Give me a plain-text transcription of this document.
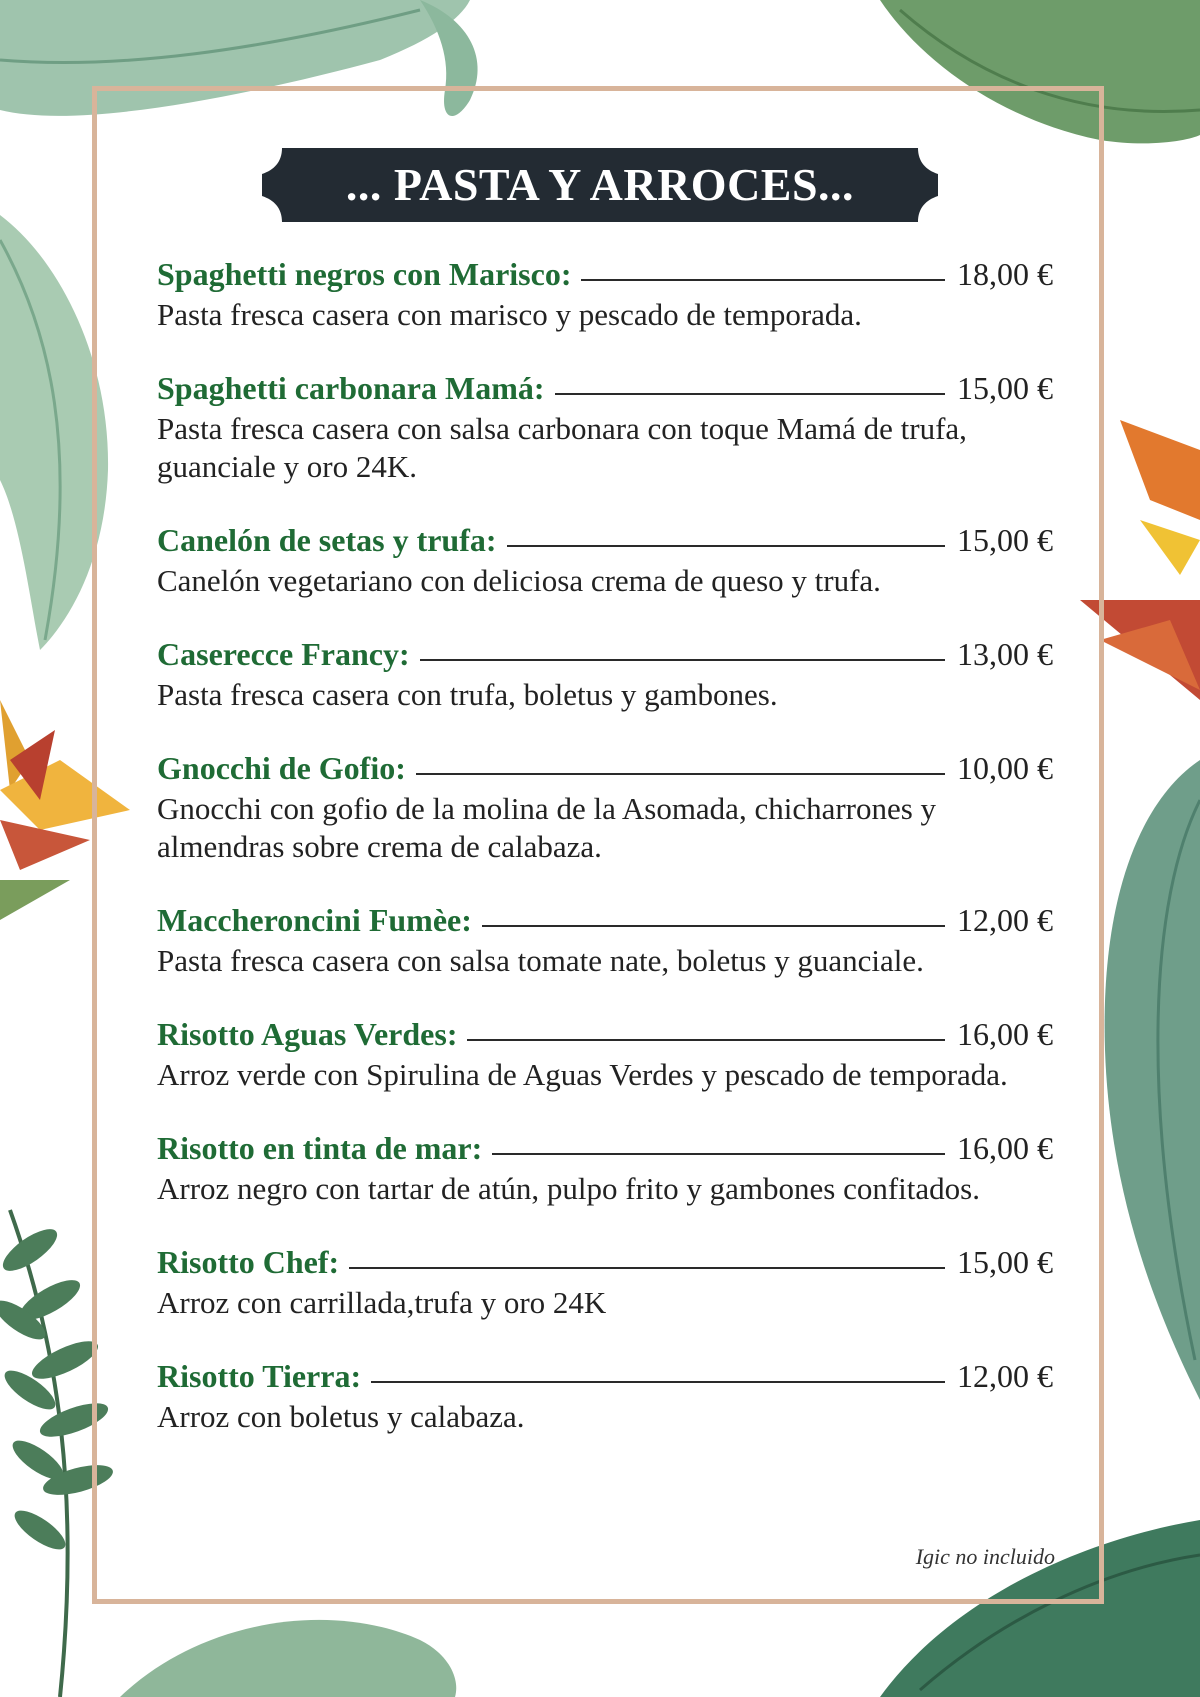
... PASTA Y ARROCES...
Spaghetti negros con Marisco:	18,00 €
Pasta fresca casera con marisco y pescado de temporada.
Spaghetti carbonara Mamá:	15,00 €
Pasta fresca casera con salsa carbonara con toque Mamá de trufa, guanciale y oro 24K.
Canelón de setas y trufa:	15,00 €
Canelón vegetariano con deliciosa crema de queso y trufa.
Caserecce Francy:	13,00 €
Pasta fresca casera con trufa, boletus y gambones.
Gnocchi de Gofio:	10,00 €
Gnocchi con gofio de la molina de la Asomada, chicharrones y almendras sobre crema de calabaza.
Maccheroncini Fumèe:	12,00 €
Pasta fresca casera con salsa tomate nate, boletus y guanciale.
Risotto Aguas Verdes:	16,00 €
Arroz verde con Spirulina de Aguas Verdes y pescado de temporada.
Risotto en tinta de mar:	16,00 €
Arroz negro con tartar de atún, pulpo frito y gambones confitados.
Risotto Chef:	15,00 €
Arroz con carrillada,trufa y oro 24K
Risotto Tierra:	12,00 €
Arroz con boletus y calabaza.
Igic no incluido
